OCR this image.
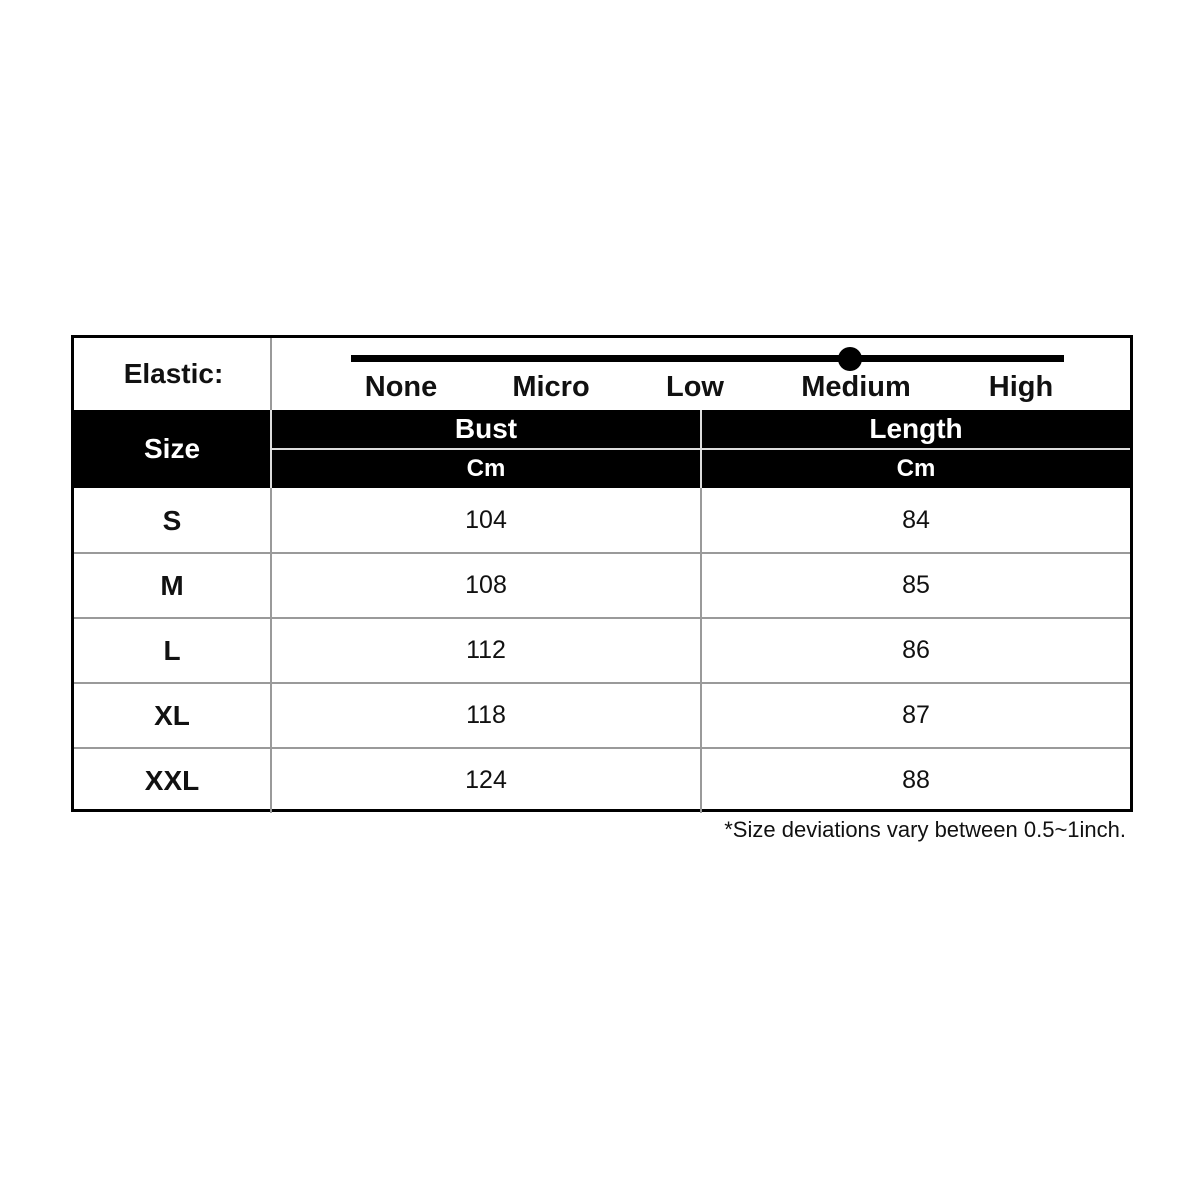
Elastic:	None	Micro	Low	Medium	High
Size
Bust	Length
Cm	Cm
S	104	84
M	108	85
L	112	86
XL	118	87
XXL	124	88
*Size deviations vary between 0.5~1inch.
